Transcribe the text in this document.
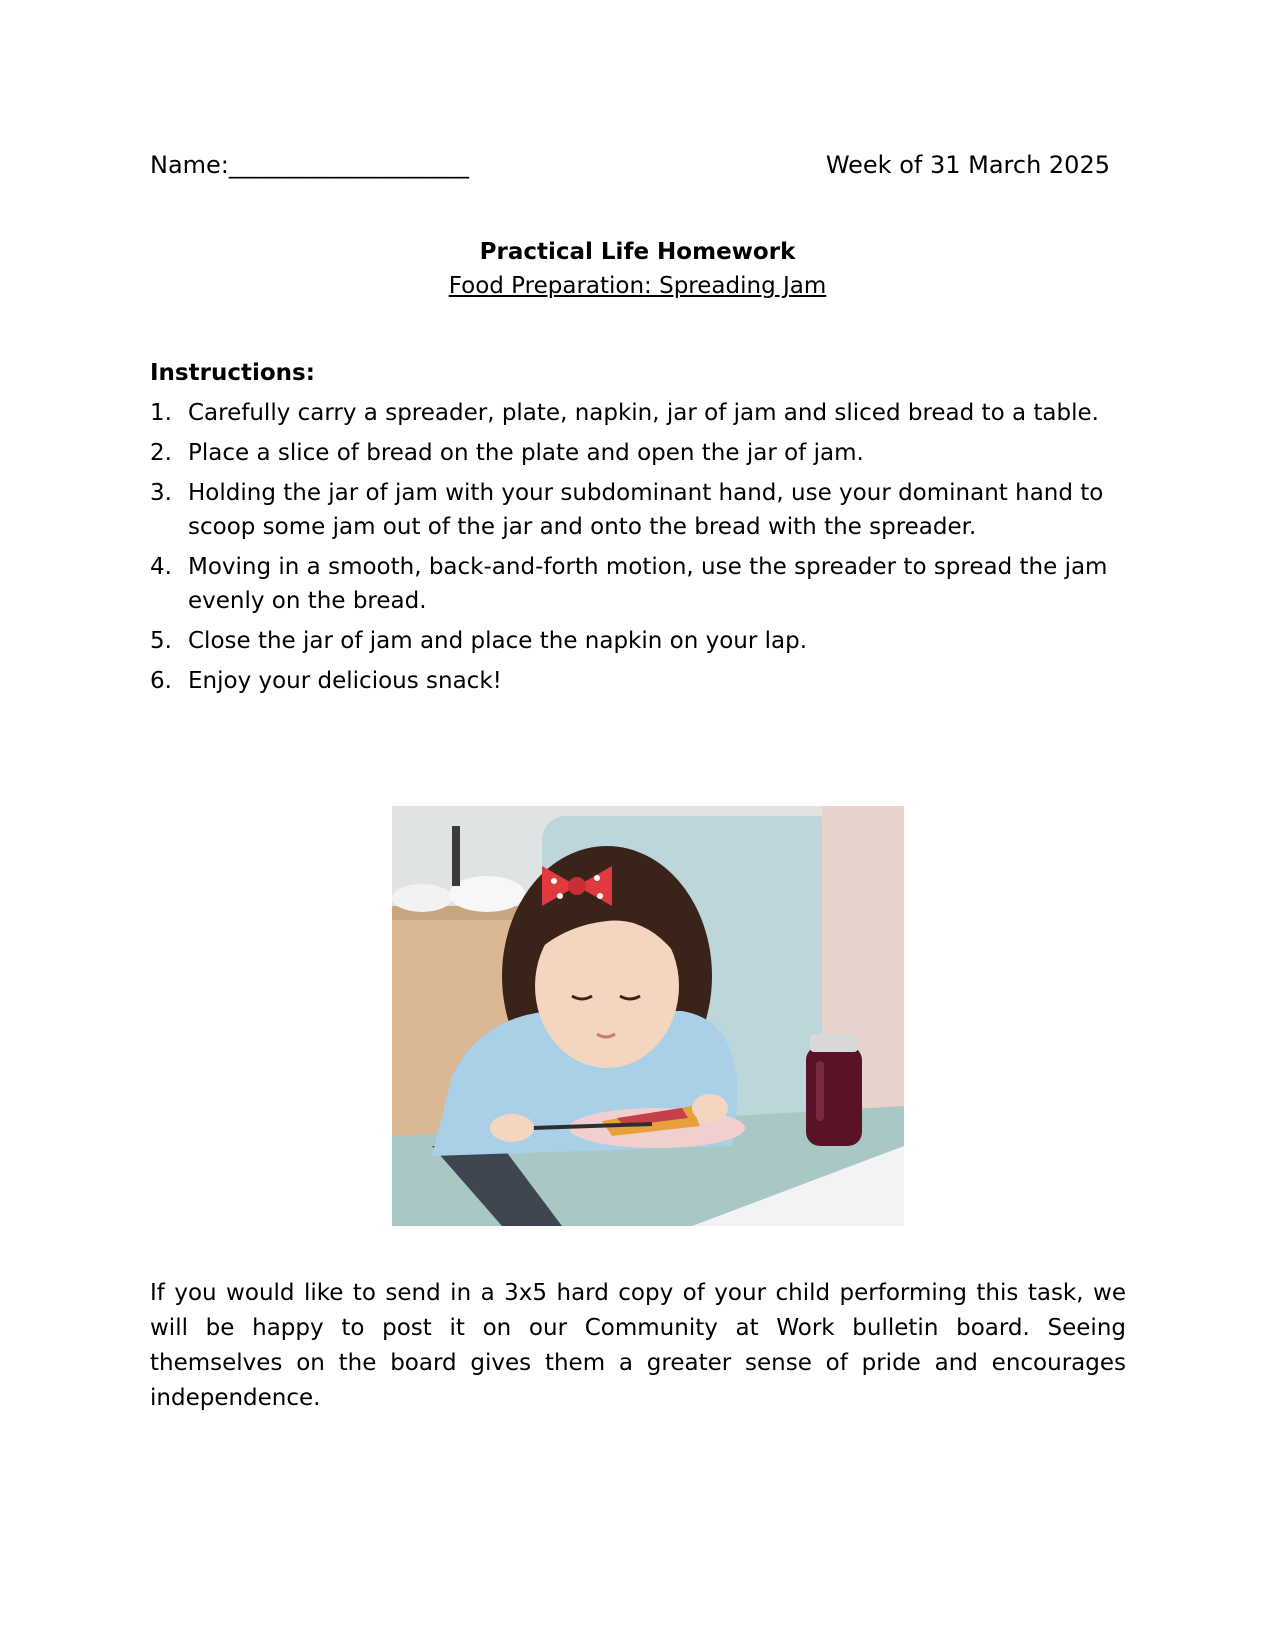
Name:____________________	Week of 31 March 2025
Practical Life Homework
Food Preparation: Spreading Jam
Instructions:
1. Carefully carry a spreader, plate, napkin, jar of jam and sliced bread to a table.
2. Place a slice of bread on the plate and open the jar of jam.
3. Holding the jar of jam with your subdominant hand, use your dominant hand to scoop some jam out of the jar and onto the bread with the spreader.
4. Moving in a smooth, back-and-forth motion, use the spreader to spread the jam evenly on the bread.
5. Close the jar of jam and place the napkin on your lap.
6. Enjoy your delicious snack!
If you would like to send in a 3x5 hard copy of your child performing this task, we will be happy to post it on our Community at Work bulletin board. Seeing themselves on the board gives them a greater sense of pride and encourages independence.
